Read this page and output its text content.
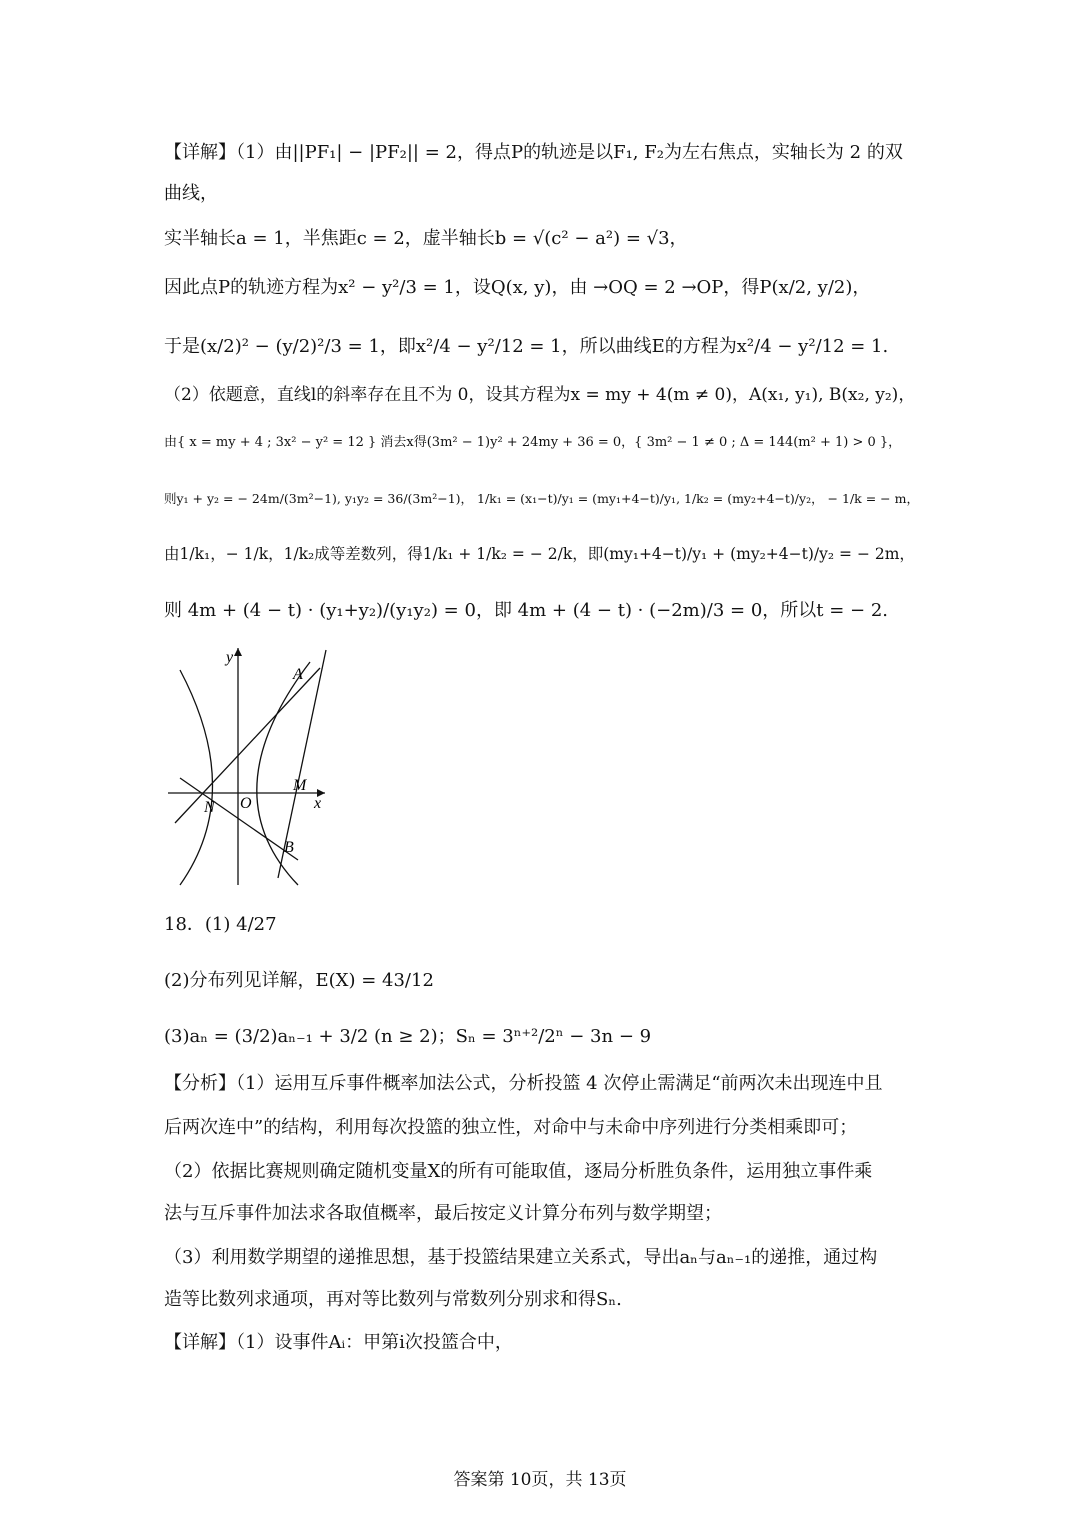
【详解】（1）由||PF₁| − |PF₂|| = 2，得点P的轨迹是以F₁, F₂为左右焦点，实轴长为 2 的双
曲线，
实半轴长a = 1，半焦距c = 2，虚半轴长b = √(c² − a²) = √3，
因此点P的轨迹方程为x² − y²/3 = 1，设Q(x, y)，由 →OQ = 2 →OP，得P(x/2, y/2)，
于是(x/2)² − (y/2)²/3 = 1，即x²/4 − y²/12 = 1，所以曲线E的方程为x²/4 − y²/12 = 1.
（2）依题意，直线l的斜率存在且不为 0，设其方程为x = my + 4(m ≠ 0)，A(x₁, y₁), B(x₂, y₂)，
由{ x = my + 4 ; 3x² − y² = 12 } 消去x得(3m² − 1)y² + 24my + 36 = 0，{ 3m² − 1 ≠ 0 ; Δ = 144(m² + 1) > 0 }，
则y₁ + y₂ = − 24m/(3m²−1), y₁y₂ = 36/(3m²−1)， 1/k₁ = (x₁−t)/y₁ = (my₁+4−t)/y₁, 1/k₂ = (my₂+4−t)/y₂， − 1/k = − m，
由1/k₁，− 1/k，1/k₂成等差数列，得1/k₁ + 1/k₂ = − 2/k，即(my₁+4−t)/y₁ + (my₂+4−t)/y₂ = − 2m，
则 4m + (4 − t) · (y₁+y₂)/(y₁y₂) = 0，即 4m + (4 − t) · (−2m)/3 = 0，所以t = − 2.
y
x
A
M
N O
B
18．(1) 4/27
(2)分布列见详解，E(X) = 43/12
(3)aₙ = (3/2)aₙ₋₁ + 3/2 (n ≥ 2)；Sₙ = 3ⁿ⁺²/2ⁿ − 3n − 9
【分析】（1）运用互斥事件概率加法公式，分析投篮 4 次停止需满足“前两次未出现连中且
后两次连中”的结构，利用每次投篮的独立性，对命中与未命中序列进行分类相乘即可；
（2）依据比赛规则确定随机变量X的所有可能取值，逐局分析胜负条件，运用独立事件乘
法与互斥事件加法求各取值概率，最后按定义计算分布列与数学期望；
（3）利用数学期望的递推思想，基于投篮结果建立关系式，导出aₙ与aₙ₋₁的递推，通过构
造等比数列求通项，再对等比数列与常数列分别求和得Sₙ.
【详解】（1）设事件Aᵢ：甲第i次投篮合中，
答案第 10页，共 13页
